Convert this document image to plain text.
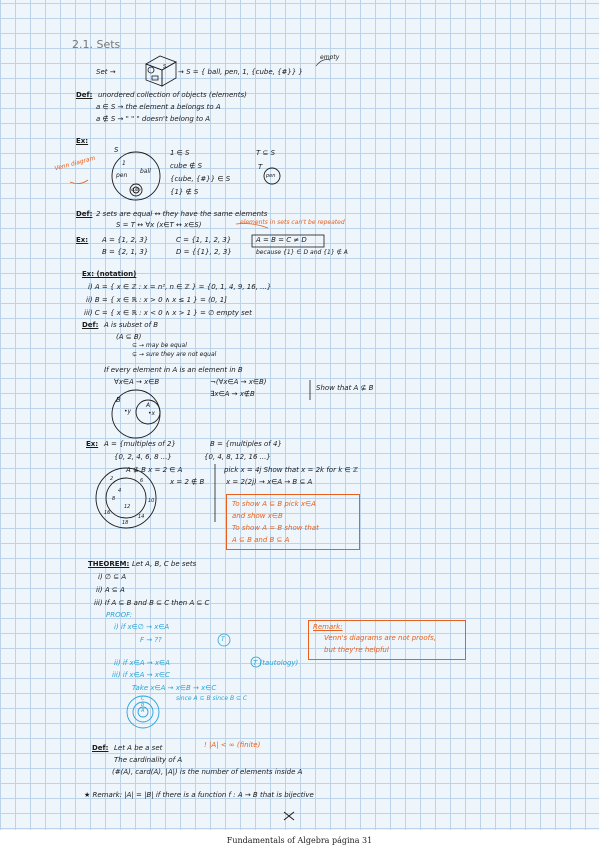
2.1. Sets
Set →
S
→ S = { ball, pen, 1, {cube, {#}} }
empty
Def: unordered collection of objects (elements)
a ∈ S → the element a belongs to A
a ∉ S → " " " doesn't belong to A
Ex:
Venn diagram
S
1
ball
pen
cube
1 ∈ S
cube ∉ S
{cube, {#}} ∈ S
{1} ∉ S
T ⊆ S
T
pen
Def: 2 sets are equal ↔ they have the same elements
S = T ↔ ∀x (x∈T ↔ x∈S)	elements in sets can't be repeated
Ex: A = {1, 2, 3}
B = {2, 1, 3}
C = {1, 1, 2, 3}
D = {{1}, 2, 3}
A = B = C ≠ D
because {1} ∈ D and {1} ∉ A
Ex: (notation)
i) A = { x ∈ ℤ : x = n², n ∈ ℤ } = {0, 1, 4, 9, 16, ...}
ii) B = { x ∈ ℝ : x > 0 ∧ x ≤ 1 } = (0, 1]
iii) C = { x ∈ ℝ : x < 0 ∧ x > 1 } = ∅ empty set
Def: A is subset of B
(A ⊆ B)
⊆ → may be equal
⊊ → sure they are not equal
If every element in A is an element in B
∀x∈A → x∈B	¬(∀x∈A → x∈B)
∃x∈A → x∉B
Show that A ⊈ B
B
A
•x
•y
Ex: A = {multiples of 2}	B = {multiples of 4}
{0, 2, 4, 6, 8 ...}	{0, 4, 8, 12, 16 ...}
A ⊈ B x = 2 ∈ A
x = 2 ∉ B
pick x = 4j Show that x = 2k for k ∈ ℤ
x = 2(2j) → x∈A → B ⊆ A
2	6
4
8
12
16
10
14
18
To show A ⊆ B pick x∈A
and show x∈B
To show A = B show that
A ⊆ B and B ⊆ A
THEOREM: Let A, B, C be sets
i) ∅ ⊆ A
ii) A ⊆ A
iii) If A ⊆ B and B ⊆ C then A ⊆ C
PROOF:
i) if x∈∅ → x∈A
F → ??	T
ii) if x∈A → x∈A	T (tautology)
iii) if x∈A → x∈C
Take x∈A → x∈B → x∈C
since A ⊆ B since B ⊆ C
C
B
A
Remark:
Venn's diagrams are not proofs,
but they're helpful
Def: Let A be a set	! |A| < ∞ (finite)
The cardinality of A
(#(A), card(A), |A|) is the number of elements inside A
★ Remark: |A| = |B| if there is a function f : A → B that is bijective
Fundamentals of Algebra página 31
